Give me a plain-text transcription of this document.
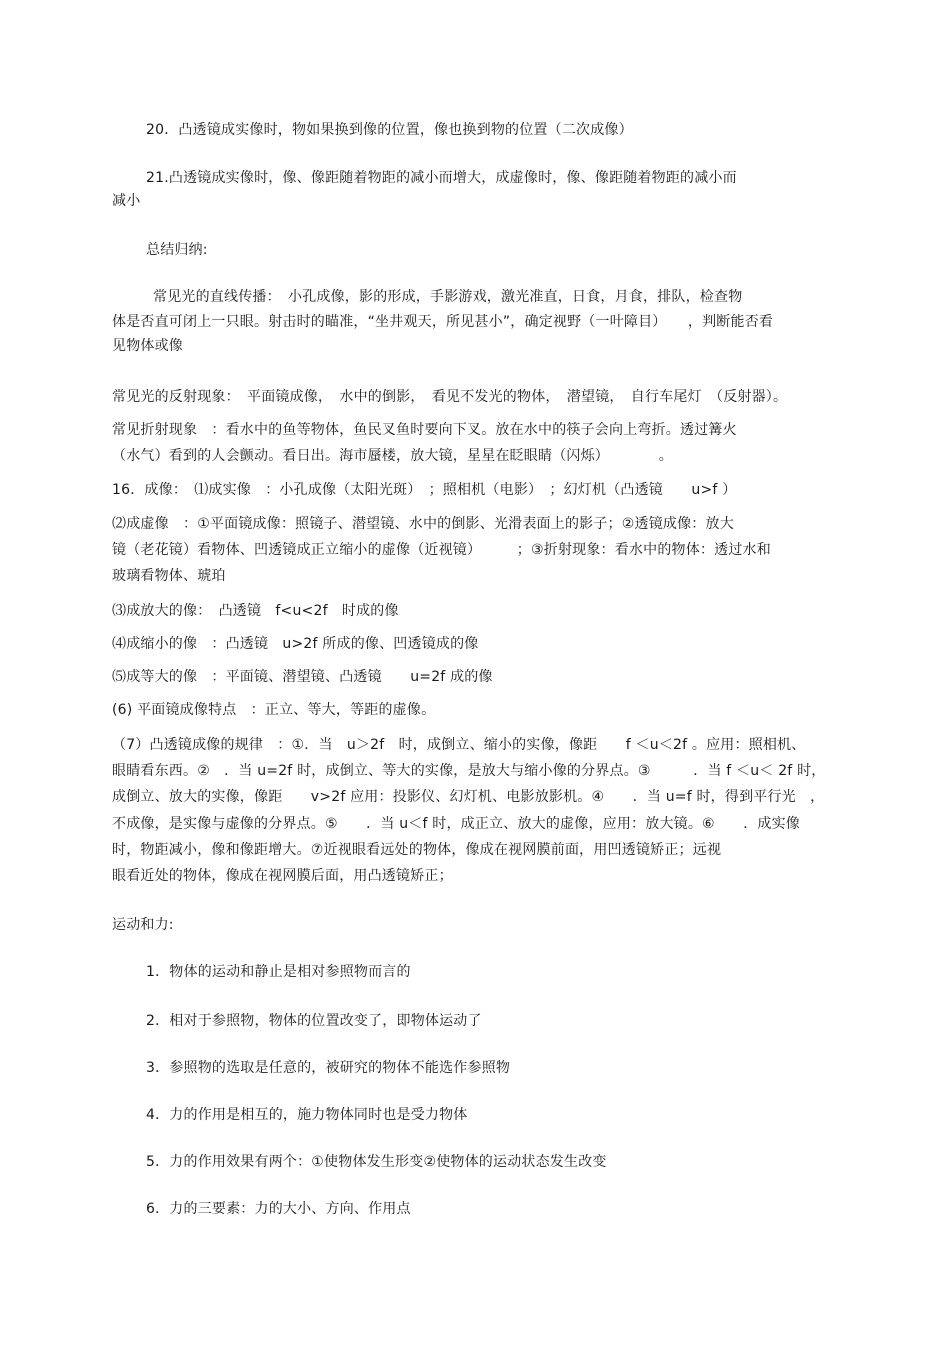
20．凸透镜成实像时，物如果换到像的位置，像也换到物的位置（二次成像）
21.凸透镜成实像时，像、像距随着物距的减小而增大，成虚像时，像、像距随着物距的减小而
减小
总结归纳:
常见光的直线传播：　小孔成像，影的形成，手影游戏，激光准直，日食，月食，排队，检查物
体是否直可闭上一只眼。射击时的瞄准，“坐井观天，所见甚小”，确定视野（一叶障目）　　，判断能否看
见物体或像
常见光的反射现象：　平面镜成像，　水中的倒影，　看见不发光的物体，　潜望镜，　自行车尾灯　（反射器）。
常见折射现象　：看水中的鱼等物体，鱼民叉鱼时要向下叉。放在水中的筷子会向上弯折。透过篝火
（水气）看到的人会颤动。看日出。海市蜃楼，放大镜，星星在眨眼睛（闪烁）　　　　。
16．成像：　⑴成实像　：小孔成像（太阳光斑）　；照相机（电影）　；幻灯机（凸透镜　　u>f ）
⑵成虚像　：①平面镜成像：照镜子、潜望镜、水中的倒影、光滑表面上的影子；②透镜成像：放大
镜（老花镜）看物体、凹透镜成正立缩小的虚像（近视镜）　　　；③折射现象：看水中的物体：透过水和
玻璃看物体、琥珀
⑶成放大的像：　凸透镜　f<u<2f　时成的像
⑷成缩小的像　：凸透镜　u>2f 所成的像、凹透镜成的像
⑸成等大的像　：平面镜、潜望镜、凸透镜　　u=2f 成的像
(6) 平面镜成像特点　：正立、等大，等距的虚像。
（7）凸透镜成像的规律　：①．当　u＞2f　时，成倒立、缩小的实像，像距　　f ＜u＜2f 。应用：照相机、
眼睛看东西。②　．当 u=2f 时，成倒立、等大的实像，是放大与缩小像的分界点。③　　　．当 f ＜u＜ 2f 时，
成倒立、放大的实像，像距　　v>2f 应用：投影仪、幻灯机、电影放影机。④　　．当 u=f 时，得到平行光　，
不成像，是实像与虚像的分界点。⑤　　．当 u＜f 时，成正立、放大的虚像，应用：放大镜。⑥　　．成实像
时，物距减小，像和像距增大。⑦近视眼看远处的物体，像成在视网膜前面，用凹透镜矫正；远视
眼看近处的物体，像成在视网膜后面，用凸透镜矫正；
运动和力:
1．物体的运动和静止是相对参照物而言的
2．相对于参照物，物体的位置改变了，即物体运动了
3．参照物的选取是任意的，被研究的物体不能选作参照物
4．力的作用是相互的，施力物体同时也是受力物体
5．力的作用效果有两个：①使物体发生形变②使物体的运动状态发生改变
6．力的三要素：力的大小、方向、作用点
